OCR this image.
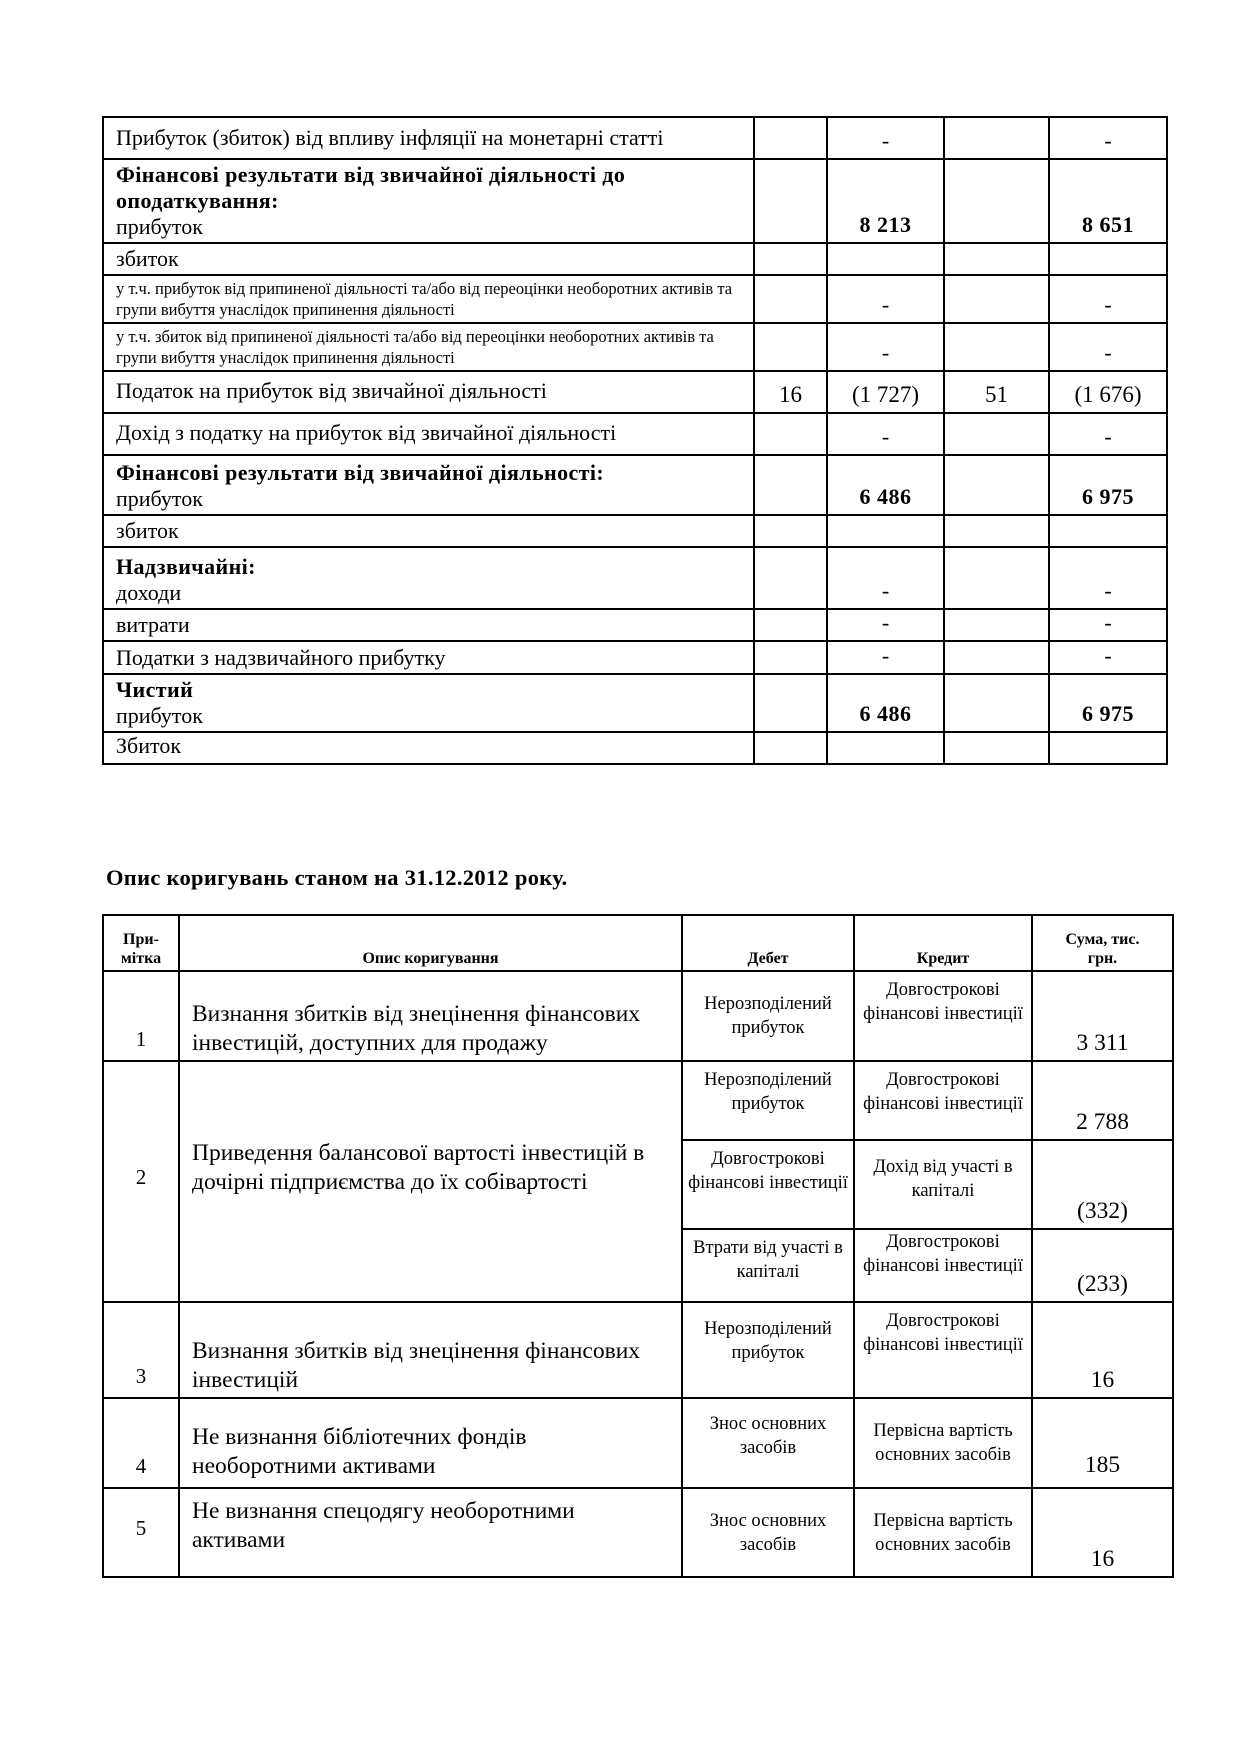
Прибуток (збиток) від впливу інфляції на монетарні статті		-		-

Фінансові результати від звичайної діяльності до оподаткування:
прибуток		8 213		8 651
збиток				

у т.ч. прибуток від припиненої діяльності та/або від переоцінки необоротних активів та групи вибуття унаслідок припинення діяльності		-		-

у т.ч. збиток від припиненої діяльності та/або від переоцінки необоротних активів та групи вибуття унаслідок припинення діяльності		-		-
Податок на прибуток від звичайної діяльності	16	(1 727)	51	(1 676)
Дохід з податку на прибуток від звичайної діяльності		-		-

Фінансові результати від звичайної діяльності:
прибуток		6 486		6 975
збиток				

Надзвичайні:
доходи		-		-
витрати		-		-
Податки з надзвичайного прибутку		-		-

Чистий
прибуток		6 486		6 975
Збиток				
Опис коригувань станом на 31.12.2012 року.
При-
мітка	Опис коригування	Дебет	Кредит	Сума, тис.
грн.

1	Визнання збитків від знецінення фінансових інвестицій, доступних для продажу	Нерозподілений прибуток	Довгострокові фінансові інвестиції	3 311
2	Приведення балансової вартості інвестицій в дочірні підприємства до їх собівартості	Нерозподілений прибуток	Довгострокові фінансові інвестиції	2 788
		Довгострокові фінансові інвестиції	Дохід від участі в капіталі	(332)
		Втрати від участі в капіталі	Довгострокові фінансові інвестиції	(233)
3	Визнання збитків від знецінення фінансових інвестицій	Нерозподілений прибуток	Довгострокові фінансові інвестиції	16
4	Не визнання бібліотечних фондів необоротними активами	Знос основних засобів	Первісна вартість основних засобів	185
5	Не визнання спецодягу необоротними активами	Знос основних засобів	Первісна вартість основних засобів	16
